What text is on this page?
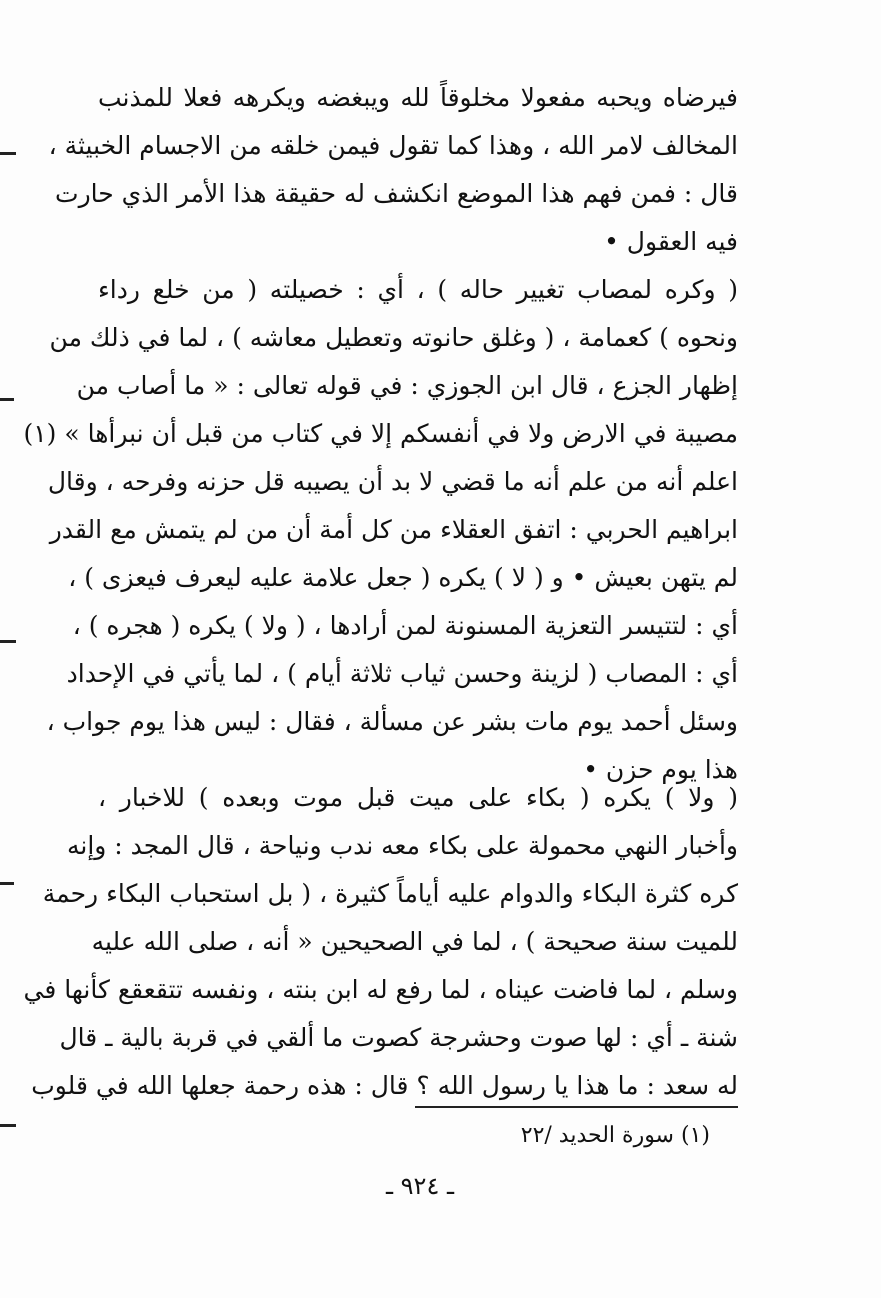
فيرضاه ويحبه مفعولا مخلوقاً لله ويبغضه ويكرهه فعلا للمذنب
المخالف لامر الله ، وهذا كما تقول فيمن خلقه من الاجسام الخبيثة ،
قال : فمن فهم هذا الموضع انكشف له حقيقة هذا الأمر الذي حارت
فيه العقول •
( وكره لمصاب تغيير حاله ) ، أي : خصيلته ( من خلع رداء
ونحوه ) كعمامة ، ( وغلق حانوته وتعطيل معاشه ) ، لما في ذلك من
إظهار الجزع ، قال ابن الجوزي : في قوله تعالى : « ما أصاب من
مصيبة في الارض ولا في أنفسكم إلا في كتاب من قبل أن نبرأها » (١)
اعلم أنه من علم أنه ما قضي لا بد أن يصيبه قل حزنه وفرحه ، وقال
ابراهيم الحربي : اتفق العقلاء من كل أمة أن من لم يتمش مع القدر
لم يتهن بعيش • و ( لا ) يكره ( جعل علامة عليه ليعرف فيعزى ) ،
أي : لتتيسر التعزية المسنونة لمن أرادها ، ( ولا ) يكره ( هجره ) ،
أي : المصاب ( لزينة وحسن ثياب ثلاثة أيام ) ، لما يأتي في الإحداد
وسئل أحمد يوم مات بشر عن مسألة ، فقال : ليس هذا يوم جواب ،
هذا يوم حزن •
( ولا ) يكره ( بكاء على ميت قبل موت وبعده ) للاخبار ،
وأخبار النهي محمولة على بكاء معه ندب ونياحة ، قال المجد : وإنه
كره كثرة البكاء والدوام عليه أياماً كثيرة ، ( بل استحباب البكاء رحمة
للميت سنة صحيحة ) ، لما في الصحيحين « أنه ، صلى الله عليه
وسلم ، لما فاضت عيناه ، لما رفع له ابن بنته ، ونفسه تتقعقع كأنها في
شنة ـ أي : لها صوت وحشرجة كصوت ما ألقي في قربة بالية ـ قال
له سعد : ما هذا يا رسول الله ؟ قال : هذه رحمة جعلها الله في قلوب
(١) سورة الحديد /٢٢
ـ ٩٢٤ ـ
